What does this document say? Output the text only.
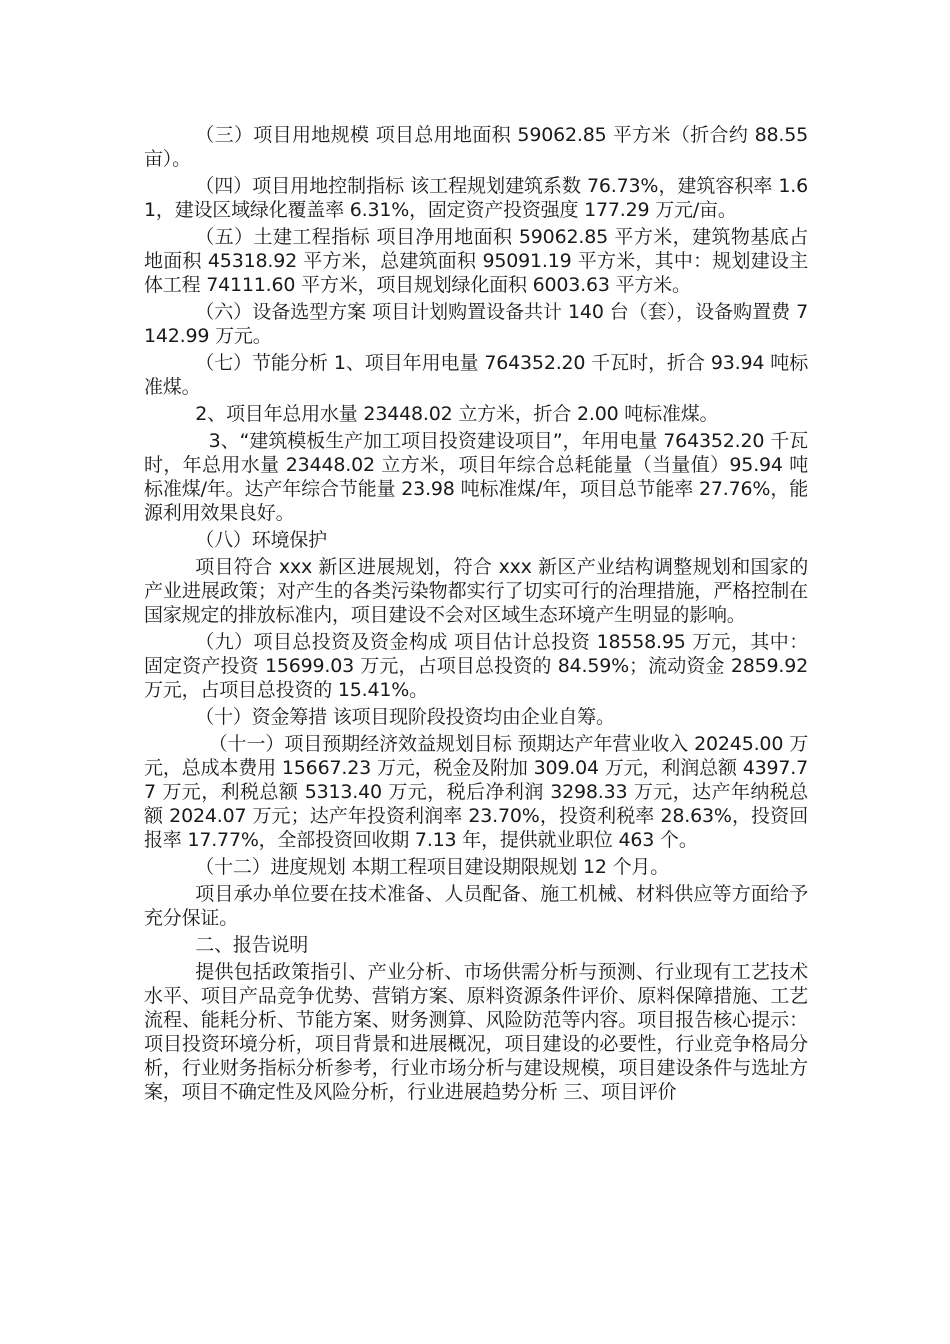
（三）项目用地规模 项目总用地面积 59062.85 平方米（折合约 88.55 亩）。

（四）项目用地控制指标 该工程规划建筑系数 76.73%，建筑容积率 1.61，建设区域绿化覆盖率 6.31%，固定资产投资强度 177.29 万元/亩。

（五）土建工程指标 项目净用地面积 59062.85 平方米，建筑物基底占地面积 45318.92 平方米，总建筑面积 95091.19 平方米，其中：规划建设主体工程 74111.60 平方米，项目规划绿化面积 6003.63 平方米。

（六）设备选型方案 项目计划购置设备共计 140 台（套），设备购置费 7142.99 万元。

（七）节能分析 1、项目年用电量 764352.20 千瓦时，折合 93.94 吨标准煤。

2、项目年总用水量 23448.02 立方米，折合 2.00 吨标准煤。

3、“建筑模板生产加工项目投资建设项目”，年用电量 764352.20 千瓦时，年总用水量 23448.02 立方米，项目年综合总耗能量（当量值）95.94 吨标准煤/年。达产年综合节能量 23.98 吨标准煤/年，项目总节能率 27.76%，能源利用效果良好。

（八）环境保护

项目符合 xxx 新区进展规划，符合 xxx 新区产业结构调整规划和国家的产业进展政策；对产生的各类污染物都实行了切实可行的治理措施，严格控制在国家规定的排放标准内，项目建设不会对区域生态环境产生明显的影响。

（九）项目总投资及资金构成 项目估计总投资 18558.95 万元，其中：固定资产投资 15699.03 万元，占项目总投资的 84.59%；流动资金 2859.92 万元，占项目总投资的 15.41%。

（十）资金筹措 该项目现阶段投资均由企业自筹。

（十一）项目预期经济效益规划目标 预期达产年营业收入 20245.00 万元，总成本费用 15667.23 万元，税金及附加 309.04 万元，利润总额 4397.77 万元，利税总额 5313.40 万元，税后净利润 3298.33 万元，达产年纳税总额 2024.07 万元；达产年投资利润率 23.70%，投资利税率 28.63%，投资回报率 17.77%，全部投资回收期 7.13 年，提供就业职位 463 个。

（十二）进度规划 本期工程项目建设期限规划 12 个月。

项目承办单位要在技术准备、人员配备、施工机械、材料供应等方面给予充分保证。

二、报告说明

提供包括政策指引、产业分析、市场供需分析与预测、行业现有工艺技术水平、项目产品竞争优势、营销方案、原料资源条件评价、原料保障措施、工艺流程、能耗分析、节能方案、财务测算、风险防范等内容。项目报告核心提示：项目投资环境分析，项目背景和进展概况，项目建设的必要性，行业竞争格局分析，行业财务指标分析参考，行业市场分析与建设规模，项目建设条件与选址方案，项目不确定性及风险分析，行业进展趋势分析 三、项目评价
